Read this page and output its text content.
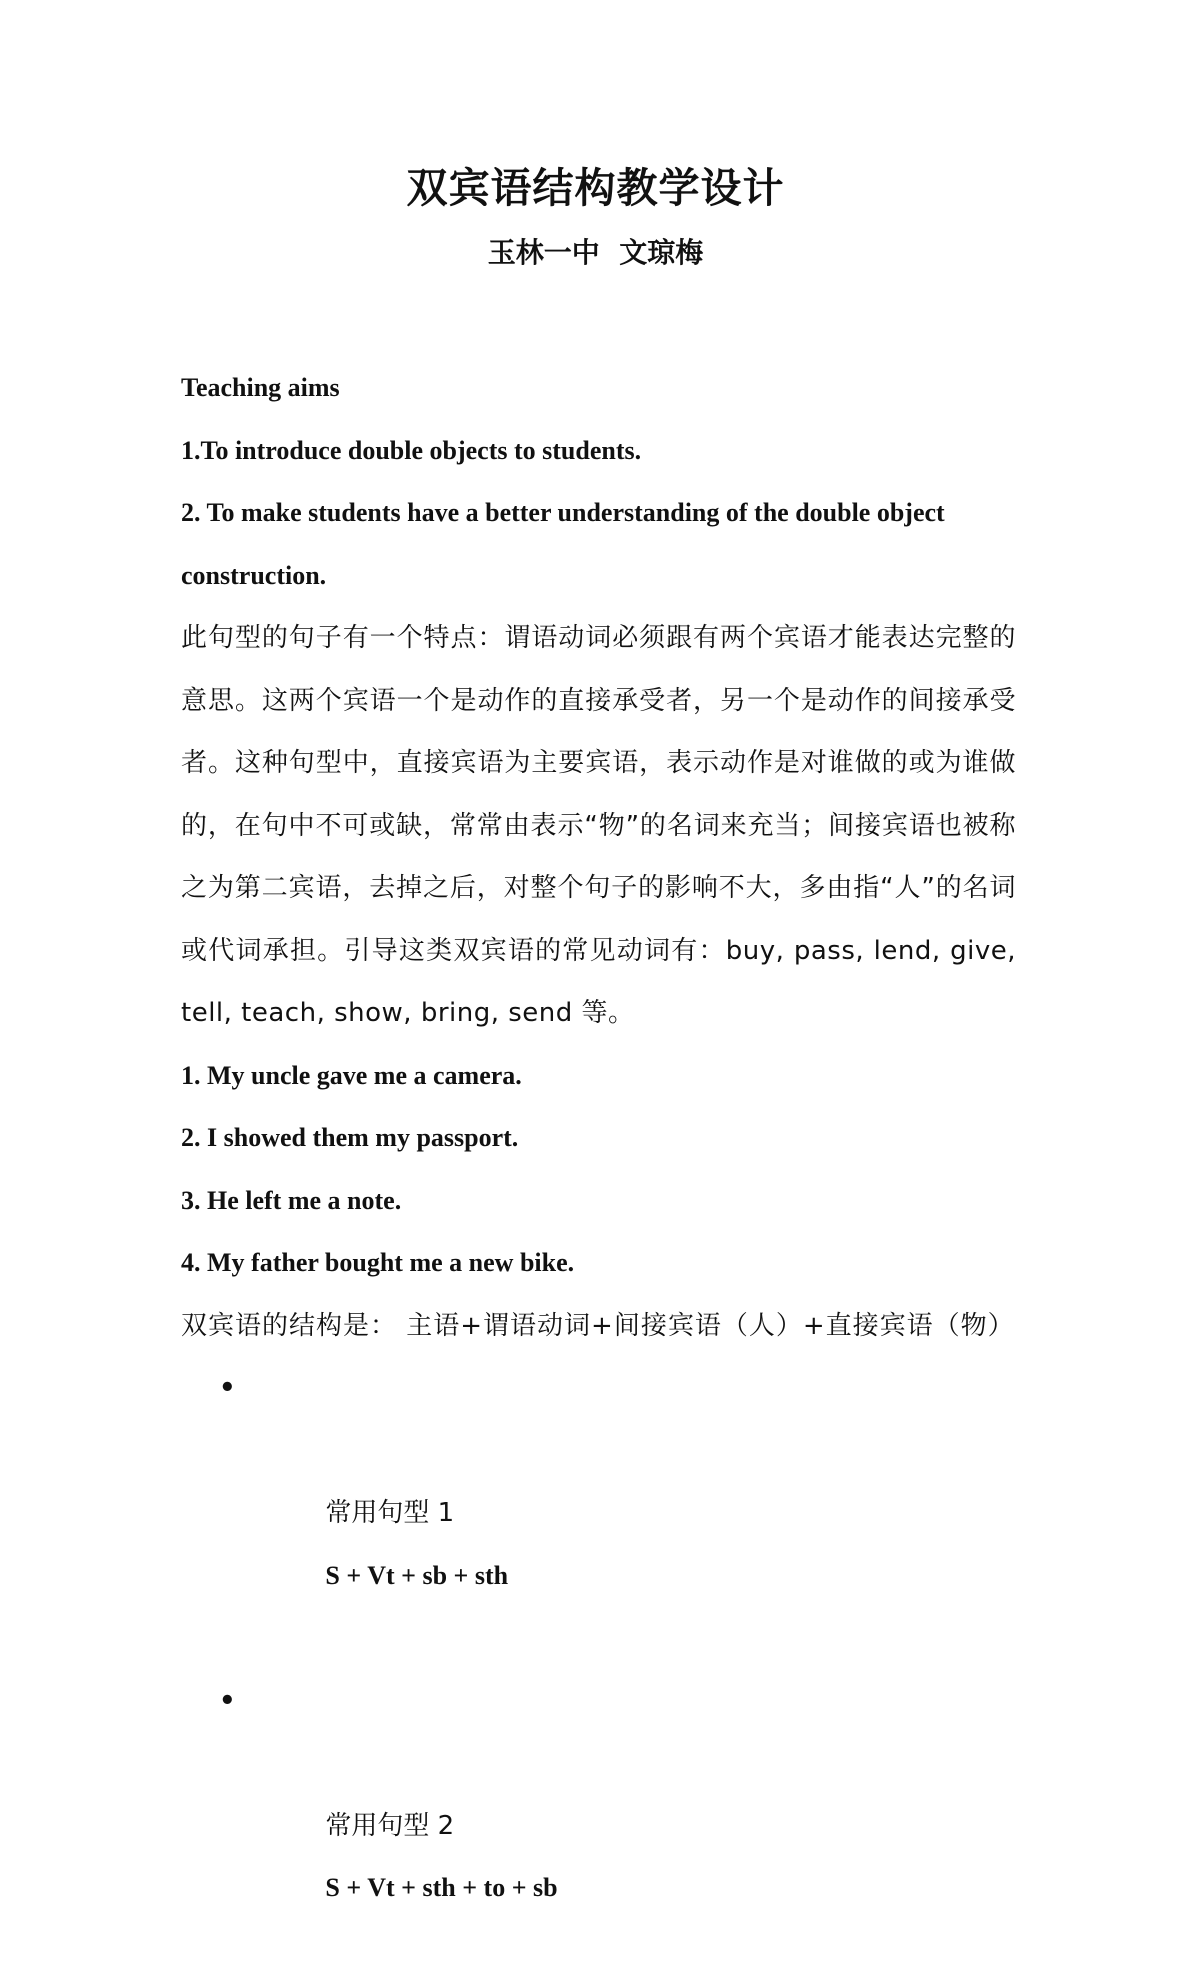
双宾语结构教学设计
玉林一中  文琼梅

Teaching aims

1.To introduce double objects to students.

2. To make students have a better understanding of the double object construction.

此句型的句子有一个特点：谓语动词必须跟有两个宾语才能表达完整的意思。这两个宾语一个是动作的直接承受者，另一个是动作的间接承受者。这种句型中，直接宾语为主要宾语，表示动作是对谁做的或为谁做的，在句中不可或缺，常常由表示“物”的名词来充当；间接宾语也被称之为第二宾语，去掉之后，对整个句子的影响不大，多由指“人”的名词或代词承担。引导这类双宾语的常见动词有：buy, pass, lend, give, tell, teach, show, bring, send 等。

1. My uncle gave me a camera.

2. I showed them my passport.

3. He left me a note.

4. My father bought me a new bike.

双宾语的结构是： 主语+谓语动词+间接宾语（人）+直接宾语（物）

•

常用句型 1
S + Vt + sb + sth

•

常用句型 2
S + Vt + sth + to + sb
